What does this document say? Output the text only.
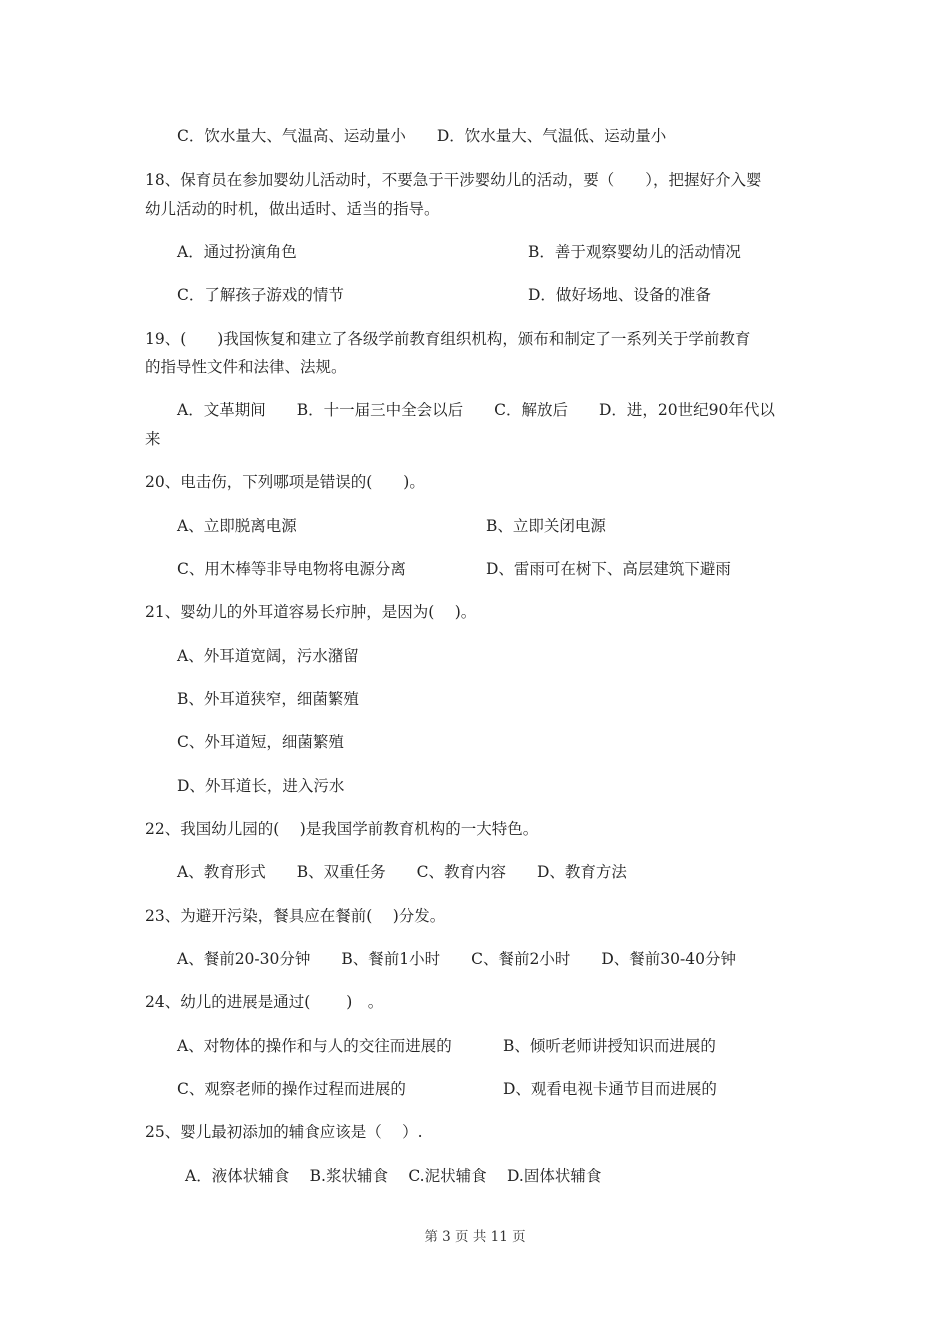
C．饮水量大、气温高、运动量小　　D．饮水量大、气温低、运动量小
18、保育员在参加婴幼儿活动时，不要急于干涉婴幼儿的活动，要（　　），把握好介入婴
幼儿活动的时机，做出适时、适当的指导。
A．通过扮演角色	B．善于观察婴幼儿的活动情况
C．了解孩子游戏的情节	D．做好场地、设备的准备
19、(　　)我国恢复和建立了各级学前教育组织机构，颁布和制定了一系列关于学前教育
的指导性文件和法律、法规。
A．文革期间　　B．十一届三中全会以后　　C．解放后　　D．进，20世纪90年代以
来
20、电击伤，下列哪项是错误的(　　)。
A、立即脱离电源	B、立即关闭电源
C、用木棒等非导电物将电源分离	D、雷雨可在树下、高层建筑下避雨
21、婴幼儿的外耳道容易长疖肿，是因为(　 )。
A、外耳道宽阔，污水潴留
B、外耳道狭窄，细菌繁殖
C、外耳道短，细菌繁殖
D、外耳道长，进入污水
22、我国幼儿园的(　 )是我国学前教育机构的一大特色。
A、教育形式　　B、双重任务　　C、教育内容　　D、教育方法
23、为避开污染，餐具应在餐前(　 )分发。
A、餐前20-30分钟　　B、餐前1小时　　C、餐前2小时　　D、餐前30-40分钟
24、幼儿的进展是通过(　　 )　。
A、对物体的操作和与人的交往而进展的	B、倾听老师讲授知识而进展的
C、观察老师的操作过程而进展的	D、观看电视卡通节目而进展的
25、婴儿最初添加的辅食应该是（　 ）.
A．液体状辅食　 B.浆状辅食　 C.泥状辅食　 D.固体状辅食
第 3 页 共 11 页
